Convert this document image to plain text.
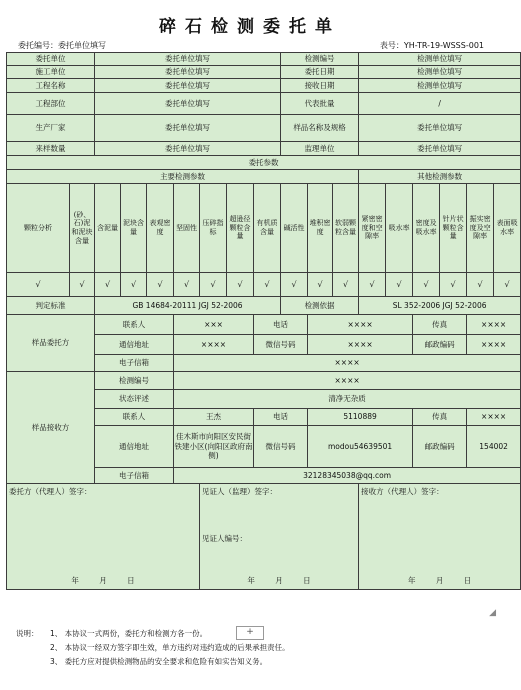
碎石检测委托单
委托编号：委托单位填写	表号：YH-TR-19-WSSS-001
委托单位		委托单位填写							检测编号			检测单位填写					
施工单位		委托单位填写							委托日期			检测单位填写					
工程名称		委托单位填写							接收日期			检测单位填写					
工程部位		委托单位填写							代表批量			/					
生产厂家		委托单位填写							样品名称及规格			委托单位填写					
来样数量		委托单位填写							监理单位			委托单位填写					
委托参数																	
主要检测参数												其他检测参数					
颗粒分析	(砂、石)泥和泥块含量	含泥量	泥块含量	表观密度	坚固性	压碎指标	超逊径颗粒含量	有机质含量	碱活性	堆积密度	软弱颗粒含量	紧密密度和空隙率	吸水率	密度及吸水率	针片状颗粒含量	振实密度及空隙率	表面吸水率
√	√	√	√	√	√	√	√	√	√	√	√	√	√	√	√	√	√
判定标准		GB 14684-20111 JGJ 52-2006							检测依据			SL 352-2006 JGJ 52-2006					
样品委托方		联系人			×××			电话		××××				传真		××××	
		通信地址			××××			微信号码		××××				邮政编码		××××	
		电子信箱			××××												
样品接收方		检测编号			××××												
		状态评述			清净无杂质												
		联系人			王杰			电话		5110889				传真		××××	
		通信地址			佳木斯市向阳区安民街铁建小区(向阳区政府南侧)			微信号码		modou54639501				邮政编码		154002	
		电子信箱			32128345038@qq.com												

委托方（代理人）签字：
年 月 日						见证人（监理）签字：
见证人编号：
年 月 日						接收方（代理人）签字：
年 月 日					
+
◢
说明： 1、 本协议一式两份，委托方和检测方各一份。
2、 本协议一经双方签字即生效，单方违约对违约造成的后果承担责任。
3、 委托方应对提供检测物品的安全要求和危险有如实告知义务。
